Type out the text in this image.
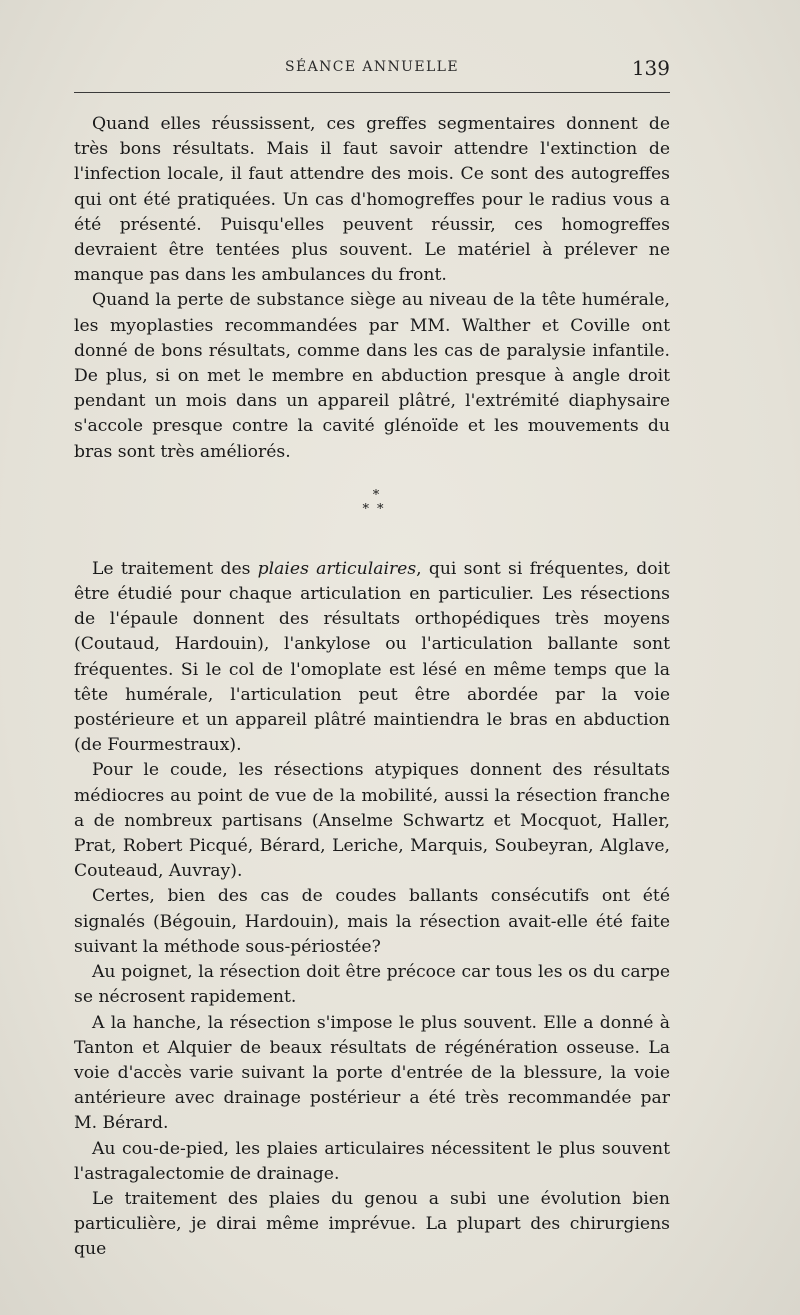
SÉANCE ANNUELLE	139

Quand elles réussissent, ces greffes segmentaires donnent de très bons résultats. Mais il faut savoir attendre l'extinction de l'infection locale, il faut attendre des mois. Ce sont des autogreffes qui ont été pratiquées. Un cas d'homogreffes pour le radius vous a été présenté. Puisqu'elles peuvent réussir, ces homogreffes devraient être tentées plus souvent. Le matériel à prélever ne manque pas dans les ambulances du front.

Quand la perte de substance siège au niveau de la tête humérale, les myoplasties recommandées par MM. Walther et Coville ont donné de bons résultats, comme dans les cas de paralysie infantile. De plus, si on met le membre en abduction presque à angle droit pendant un mois dans un appareil plâtré, l'extrémité diaphysaire s'accole presque contre la cavité glénoïde et les mouvements du bras sont très améliorés.

*
**

Le traitement des plaies articulaires, qui sont si fréquentes, doit être étudié pour chaque articulation en particulier. Les résections de l'épaule donnent des résultats orthopédiques très moyens (Coutaud, Hardouin), l'ankylose ou l'articulation ballante sont fréquentes. Si le col de l'omoplate est lésé en même temps que la tête humérale, l'articulation peut être abordée par la voie postérieure et un appareil plâtré maintiendra le bras en abduction (de Fourmestraux).

Pour le coude, les résections atypiques donnent des résultats médiocres au point de vue de la mobilité, aussi la résection franche a de nombreux partisans (Anselme Schwartz et Mocquot, Haller, Prat, Robert Picqué, Bérard, Leriche, Marquis, Soubeyran, Alglave, Couteaud, Auvray).

Certes, bien des cas de coudes ballants consécutifs ont été signalés (Bégouin, Hardouin), mais la résection avait-elle été faite suivant la méthode sous-périostée?

Au poignet, la résection doit être précoce car tous les os du carpe se nécrosent rapidement.

A la hanche, la résection s'impose le plus souvent. Elle a donné à Tanton et Alquier de beaux résultats de régénération osseuse. La voie d'accès varie suivant la porte d'entrée de la blessure, la voie antérieure avec drainage postérieur a été très recommandée par M. Bérard.

Au cou-de-pied, les plaies articulaires nécessitent le plus souvent l'astragalectomie de drainage.

Le traitement des plaies du genou a subi une évolution bien particulière, je dirai même imprévue. La plupart des chirurgiens que
